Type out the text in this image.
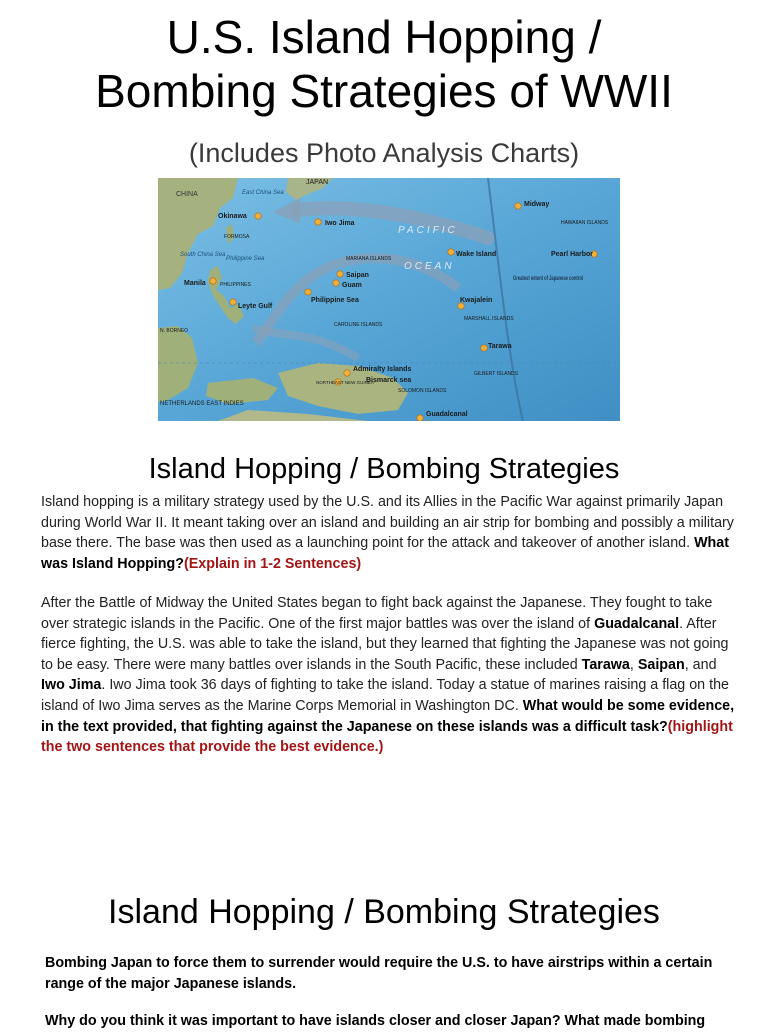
U.S. Island Hopping /
Bombing Strategies of WWII
(Includes Photo Analysis Charts)
CHINA
JAPAN
East China Sea
Okinawa
FORMOSA
South China Sea
Philippine Sea
Manila	PHILIPPINES
Leyte Gulf
Iwo Jima
MARIANA ISLANDS
Saipan
Guam
Philippine Sea
CAROLINE ISLANDS
PACIFIC
OCEAN
Wake Island
Midway
HAWAIIAN ISLANDS
Pearl Harbor
Greatest extent of Japanese control
Kwajalein
MARSHALL ISLANDS
Tarawa
GILBERT ISLANDS
Admiralty Islands
Bismarck sea
SOLOMON ISLANDS
Guadalcanal
N. BORNEO
NETHERLANDS EAST INDIES
NORTHEAST NEW GUINEA
Island Hopping / Bombing Strategies

Island hopping is a military strategy used by the U.S. and its Allies in the Pacific War against primarily Japan during World War II. It meant taking over an island and building an air strip for bombing and possibly a military base there. The base was then used as a launching point for the attack and takeover of another island. What was Island Hopping?(Explain in 1-2 Sentences)

After the Battle of Midway the United States began to fight back against the Japanese. They fought to take over strategic islands in the Pacific. One of the first major battles was over the island of Guadalcanal. After fierce fighting, the U.S. was able to take the island, but they learned that fighting the Japanese was not going to be easy. There were many battles over islands in the South Pacific, these included Tarawa, Saipan, and Iwo Jima. Iwo Jima took 36 days of fighting to take the island. Today a statue of marines raising a flag on the island of Iwo Jima serves as the Marine Corps Memorial in Washington DC. What would be some evidence, in the text provided, that fighting against the Japanese on these islands was a difficult task?(highlight the two sentences that provide the best evidence.)

Island Hopping / Bombing Strategies

Bombing Japan to force them to surrender would require the U.S. to have airstrips within a certain range of the major Japanese islands.

Why do you think it was important to have islands closer and closer Japan? What made bombing
